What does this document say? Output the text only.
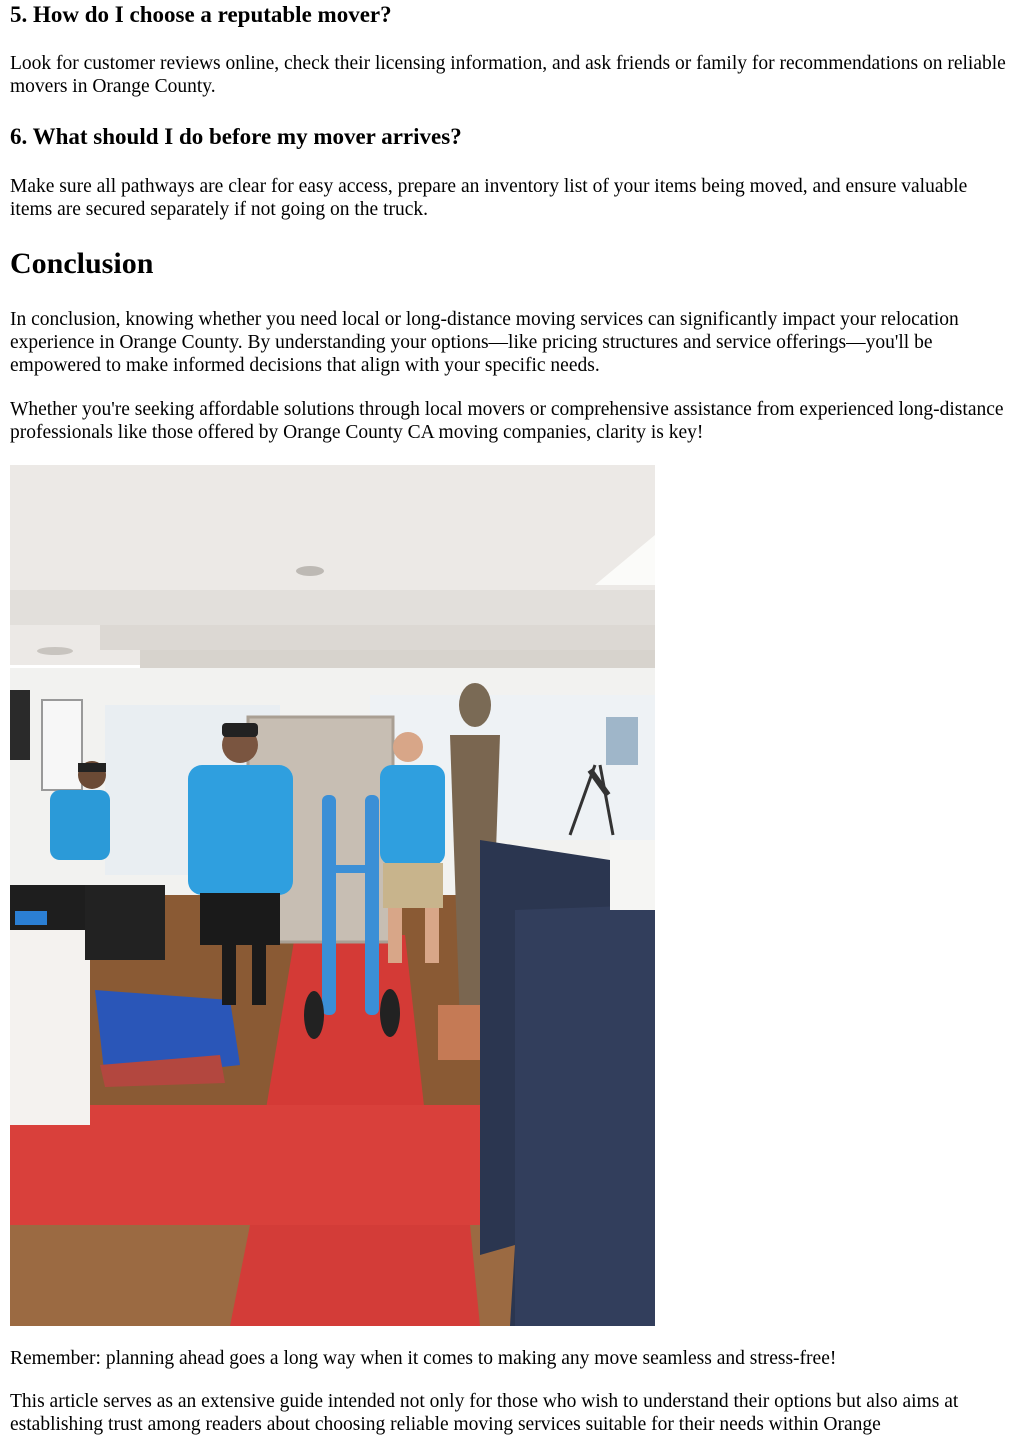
5. How do I choose a reputable mover?

Look for customer reviews online, check their licensing information, and ask friends or family for recommendations on reliable movers in Orange County.

6. What should I do before my mover arrives?

Make sure all pathways are clear for easy access, prepare an inventory list of your items being moved, and ensure valuable items are secured separately if not going on the truck.

Conclusion

In conclusion, knowing whether you need local or long-distance moving services can significantly impact your relocation experience in Orange County. By understanding your options—like pricing structures and service offerings—you'll be empowered to make informed decisions that align with your specific needs.

Whether you're seeking affordable solutions through local movers or comprehensive assistance from experienced long-distance professionals like those offered by Orange County CA moving companies, clarity is key!

Remember: planning ahead goes a long way when it comes to making any move seamless and stress-free!

This article serves as an extensive guide intended not only for those who wish to understand their options but also aims at establishing trust among readers about choosing reliable moving services suitable for their needs within Orange
